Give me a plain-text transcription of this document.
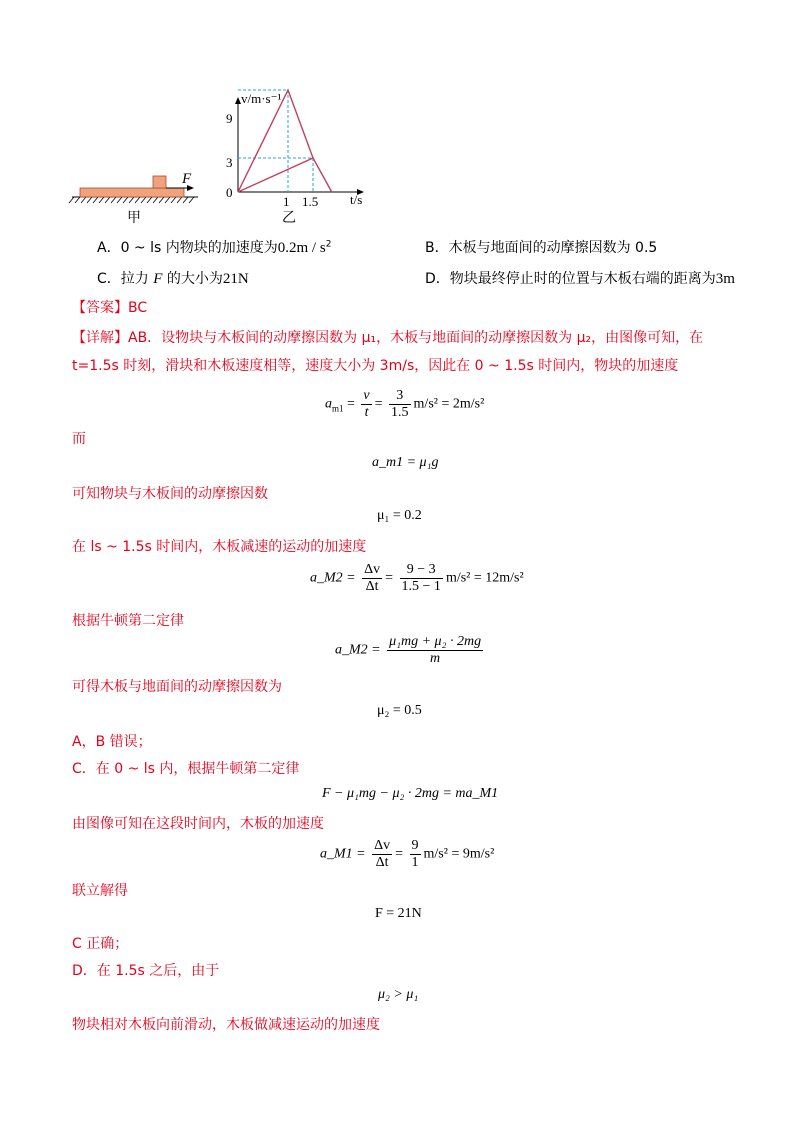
甲
F
乙
v/m·s⁻¹
t/s
9
3
0
1 1.5
A．0 ~ ls 内物块的加速度为$0.2m / s^2$	B．木板与地面间的动摩擦因数为 0.5
C．拉力 F 的大小为21N	D．物块最终停止时的位置与木板右端的距离为3m
【答案】BC
【详解】AB．设物块与木板间的动摩擦因数为 μ₁，木板与地面间的动摩擦因数为 μ₂，由图像可知，在
t=1.5s 时刻，滑块和木板速度相等，速度大小为 3m/s，因此在 0 ~ 1.5s 时间内，物块的加速度
$a_{m1} = \frac{v}{t} = \frac{3}{1.5} m/s^2 = 2m/s^2$
而
a_m1 = μ₁g
可知物块与木板间的动摩擦因数
μ₁ = 0.2
在 ls ~ 1.5s 时间内，木板减速的运动的加速度
a_M2 = $\frac{\Delta v}{\Delta t} = \frac{9 - 3}{1.5 - 1} m/s^2 = 12m/s^2$
根据牛顿第二定律
a_M2 = $\frac{\text{μ₁mg + μ₂ · 2mg}}{m}$
可得木板与地面间的动摩擦因数为
μ₂ = 0.5
A，B 错误；
C．在 0 ~ ls 内，根据牛顿第二定律
F − μ₁mg − μ₂ · 2mg = ma_M1
由图像可知在这段时间内，木板的加速度
a_M1 = $\frac{\Delta v}{\Delta t} = \frac{9}{1} m/s^2 = 9m/s^2$
联立解得
F = 21N
C 正确；
D．在 1.5s 之后，由于
μ₂ > μ₁
物块相对木板向前滑动，木板做减速运动的加速度
